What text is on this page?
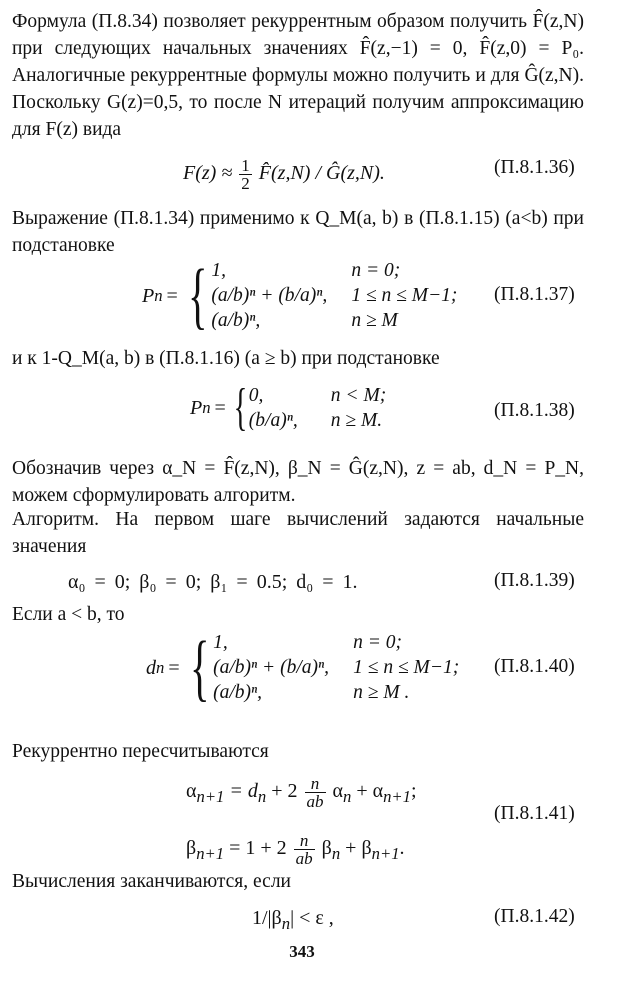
Формула (П.8.34) позволяет рекуррентным образом получить F̂(z,N) при следующих начальных значениях F̂(z,−1) = 0, F̂(z,0) = P₀. Аналогичные рекуррентные формулы можно получить и для Ĝ(z,N). Поскольку G(z)=0,5, то после N итераций получим аппроксимацию для F(z) вида
$F(z) \approx \frac{1}{2}$ F̂(z,N) / Ĝ(z,N).	(П.8.1.36)
Выражение (П.8.1.34) применимо к Q_M(a, b) в (П.8.1.15) (a<b) при подстановке
P n = { 1,	n = 0;
(a/b)ⁿ + (b/a)ⁿ,	1 ≤ n ≤ M−1;
(a/b)ⁿ,	n ≥ M
(П.8.1.37)
и к 1-Q_M(a, b) в (П.8.1.16) (a ≥ b) при подстановке
P n = { 0,	n < M;
(b/a)ⁿ,	n ≥ M.	(П.8.1.38)
Обозначив через α_N = F̂(z,N), β_N = Ĝ(z,N), z = ab, d_N = P_N, можем сформулировать алгоритм.
Алгоритм. На первом шаге вычислений задаются начальные значения
α₀ = 0; β₀ = 0; β₁ = 0.5; d₀ = 1.	(П.8.1.39)
Если a < b, то
d n = { 1,	n = 0;
(a/b)ⁿ + (b/a)ⁿ,	1 ≤ n ≤ M−1;
(a/b)ⁿ,	n ≥ M .
(П.8.1.40)
Рекуррентно пересчитываются
$\alpha_{n+1} = d_n + 2 \frac{n}{ab} \alpha_n + \alpha_{n+1}$;
$\beta_{n+1} = 1 + 2 \frac{n}{ab} \beta_n + \beta_{n+1}$.
(П.8.1.41)
Вычисления заканчиваются, если
$1/|\beta_n| < \varepsilon$ ,	(П.8.1.42)
343
